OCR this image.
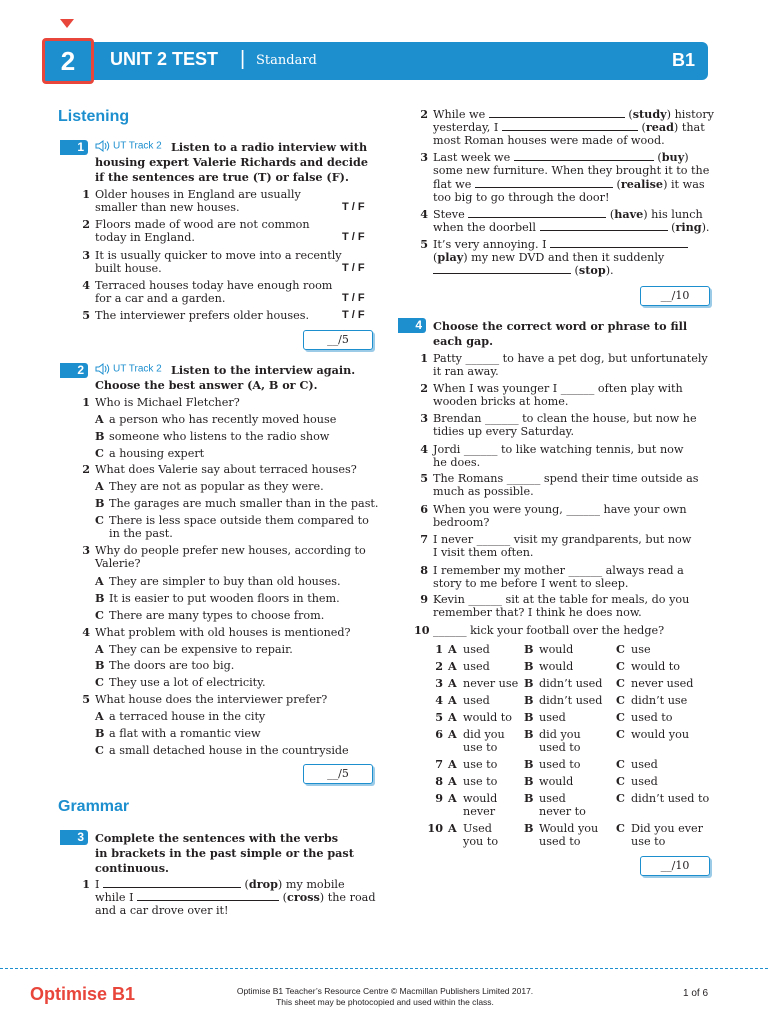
2 UNIT 2 TEST | Standard	B1
Listening
1	UT Track 2 Listen to a radio interview with
housing expert Valerie Richards and decide
if the sentences are true (T) or false (F).
1 Older houses in England are usually
smaller than new houses.	T / F
2 Floors made of wood are not common
today in England.	T / F
3 It is usually quicker to move into a recently
built house.	T / F
4 Terraced houses today have enough room
for a car and a garden.	T / F
5 The interviewer prefers older houses.	T / F
__/5
2	UT Track 2 Listen to the interview again.
Choose the best answer (A, B or C).
1 Who is Michael Fletcher?
A a person who has recently moved house
B someone who listens to the radio show
C a housing expert
2 What does Valerie say about terraced houses?
A They are not as popular as they were.
B The garages are much smaller than in the past.
C There is less space outside them compared to
in the past.
3 Why do people prefer new houses, according to
Valerie?
A They are simpler to buy than old houses.
B It is easier to put wooden floors in them.
C There are many types to choose from.
4 What problem with old houses is mentioned?
A They can be expensive to repair.
B The doors are too big.
C They use a lot of electricity.
5 What house does the interviewer prefer?
A a terraced house in the city
B a flat with a romantic view
C a small detached house in the countryside
__/5
Grammar
3 Complete the sentences with the verbs
in brackets in the past simple or the past
continuous.
1 I	(drop) my mobile
while I	(cross) the road
and a car drove over it!
2 While we	(study) history
yesterday, I	(read) that
most Roman houses were made of wood.
3 Last week we	(buy)
some new furniture. When they brought it to the
flat we	(realise) it was
too big to go through the door!
4 Steve	(have) his lunch
when the doorbell	(ring).
5 It’s very annoying. I
(play) my new DVD and then it suddenly
(stop).
__/10
4 Choose the correct word or phrase to fill
each gap.
1 Patty ______ to have a pet dog, but unfortunately
it ran away.
2 When I was younger I ______ often play with
wooden bricks at home.
3 Brendan ______ to clean the house, but now he
tidies up every Saturday.
4 Jordi ______ to like watching tennis, but now
he does.
5 The Romans ______ spend their time outside as
much as possible.
6 When you were young, ______ have your own
bedroom?
7 I never ______ visit my grandparents, but now
I visit them often.
8 I remember my mother ______ always read a
story to me before I went to sleep.
9 Kevin ______ sit at the table for meals, do you
remember that? I think he does now.
10 ______ kick your football over the hedge?
1 A used	B would	C use
2 A used	B would	C would to
3 A never use B didn’t used C never used
4 A used	B didn’t used C didn’t use
5 A would to B used	C used to
6 A did you
use to
B did you
used to
C would you
7 A use to B used to	C used
8 A use to B would	C used
9 A would
never
B used
never to
C didn’t used to
10 A Used
you to
B Would you
used to
C Did you ever
use to
__/10
Optimise B1	Optimise B1 Teacher’s Resource Centre © Macmillan Publishers Limited 2017.
This sheet may be photocopied and used within the class.
1 of 6
